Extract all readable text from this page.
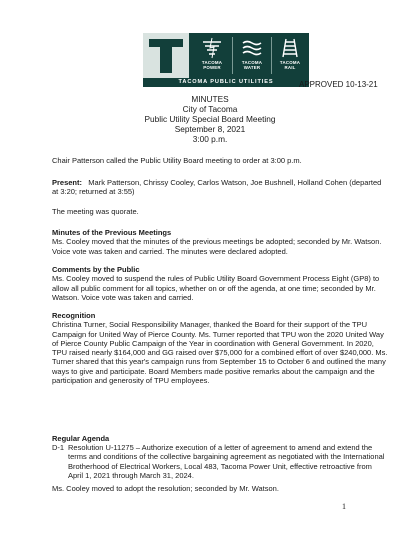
TACOMA
POWER
TACOMA
WATER
TACOMA
RAIL
TACOMA PUBLIC UTILITIES	APPROVED 10-13-21
MINUTES
City of Tacoma
Public Utility Special Board Meeting
September 8, 2021
3:00 p.m.
Chair Patterson called the Public Utility Board meeting to order at 3:00 p.m.
Present: Mark Patterson, Chrissy Cooley, Carlos Watson, Joe Bushnell, Holland Cohen (departed at 3:20; returned at 3:55)
The meeting was quorate.
Minutes of the Previous Meetings
Ms. Cooley moved that the minutes of the previous meetings be adopted; seconded by Mr. Watson. Voice vote was taken and carried. The minutes were declared adopted.
Comments by the Public
Ms. Cooley moved to suspend the rules of Public Utility Board Government Process Eight (GP8) to allow all public comment for all topics, whether on or off the agenda, at one time; seconded by Mr. Watson. Voice vote was taken and carried.
Recognition
Christina Turner, Social Responsibility Manager, thanked the Board for their support of the TPU Campaign for United Way of Pierce County. Ms. Turner reported that TPU won the 2020 United Way of Pierce County Public Campaign of the Year in coordination with General Government. In 2020, TPU raised nearly $164,000 and GG raised over $75,000 for a combined effort of over $240,000. Ms. Turner shared that this year's campaign runs from September 15 to October 6 and outlined the many ways to give and participate. Board Members made positive remarks about the campaign and the participation and generosity of TPU employees.
Regular Agenda
D-1 Resolution U-11275 – Authorize execution of a letter of agreement to amend and extend the terms and conditions of the collective bargaining agreement as negotiated with the International Brotherhood of Electrical Workers, Local 483, Tacoma Power Unit, effective retroactive from April 1, 2021 through March 31, 2024.
Ms. Cooley moved to adopt the resolution; seconded by Mr. Watson.
1
